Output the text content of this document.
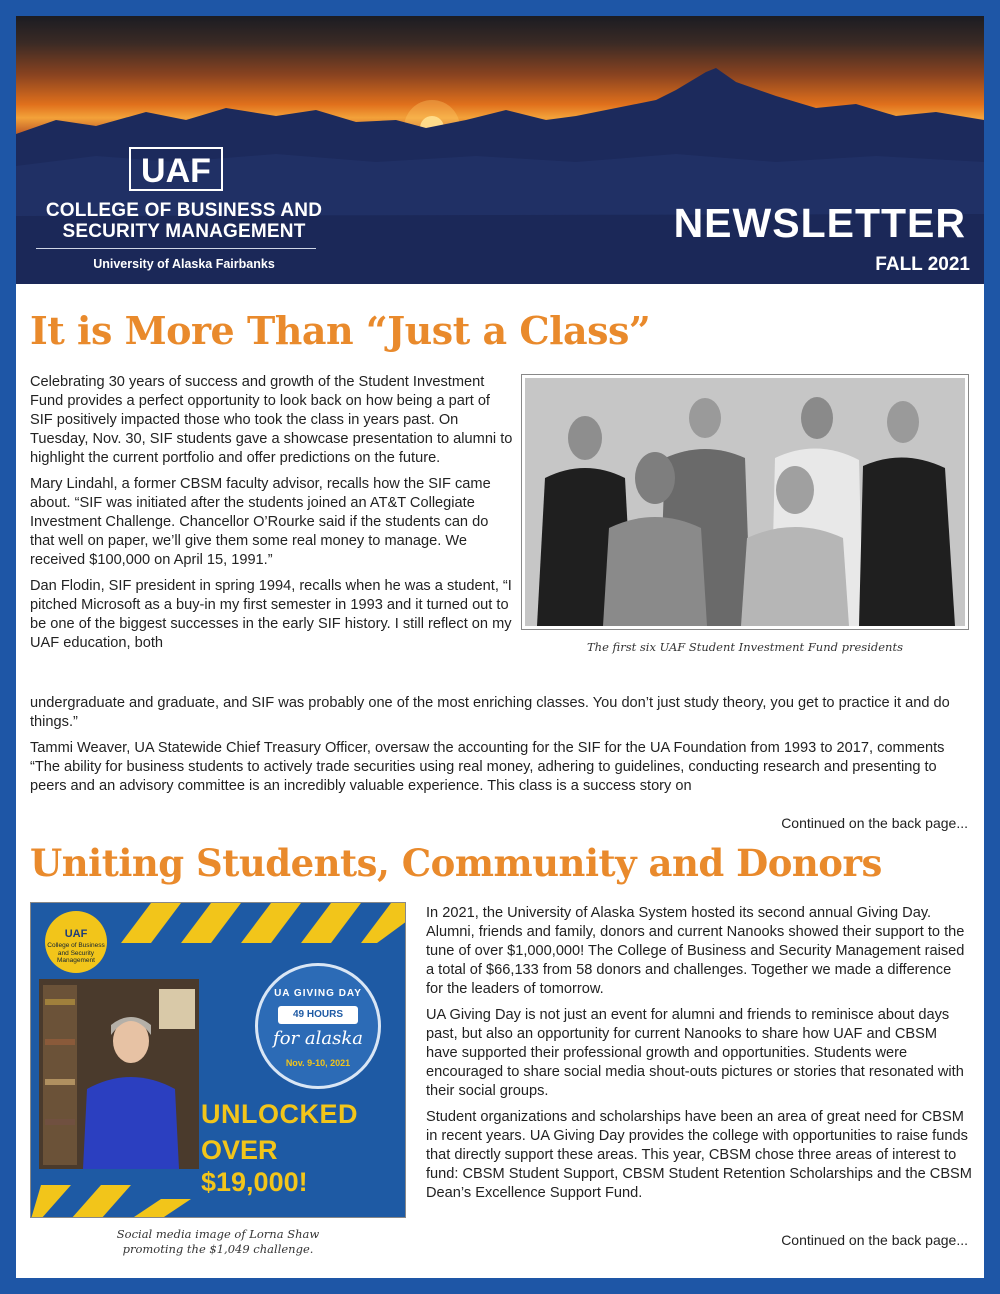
UAF
COLLEGE OF BUSINESS AND
SECURITY MANAGEMENT
University of Alaska Fairbanks
NEWSLETTER
FALL 2021
It is More Than “Just a Class”

Celebrating 30 years of success and growth of the Student Investment Fund provides a perfect opportunity to look back on how being a part of SIF positively impacted those who took the class in years past. On Tuesday, Nov. 30, SIF students gave a showcase presentation to alumni to highlight the current portfolio and offer predictions on the future.

Mary Lindahl, a former CBSM faculty advisor, recalls how the SIF came about. “SIF was initiated after the students joined an AT&T Collegiate Investment Challenge. Chancellor O’Rourke said if the students can do that well on paper, we’ll give them some real money to manage. We received $100,000 on April 15, 1991.”

Dan Flodin, SIF president in spring 1994, recalls when he was a student, “I pitched Microsoft as a buy-in my first semester in 1993 and it turned out to be one of the biggest successes in the early SIF history. I still reflect on my UAF education, both	The first six UAF Student Investment Fund presidents

undergraduate and graduate, and SIF was probably one of the most enriching classes. You don’t just study theory, you get to practice it and do things.”

Tammi Weaver, UA Statewide Chief Treasury Officer, oversaw the accounting for the SIF for the UA Foundation from 1993 to 2017, comments “The ability for business students to actively trade securities using real money, adhering to guidelines, conducting research and presenting to peers and an advisory committee is an incredibly valuable experience. This class is a success story on

Continued on the back page...
Uniting Students, Community and Donors
UAF
College of Business and Security Management
UA GIVING DAY
49 HOURS
for alaska
Nov. 9-10, 2021
UNLOCKED
OVER
$19,000!
Social media image of Lorna Shaw
promoting the $1,049 challenge.

In 2021, the University of Alaska System hosted its second annual Giving Day. Alumni, friends and family, donors and current Nanooks showed their support to the tune of over $1,000,000! The College of Business and Security Management raised a total of $66,133 from 58 donors and challenges. Together we made a difference for the leaders of tomorrow.

UA Giving Day is not just an event for alumni and friends to reminisce about days past, but also an opportunity for current Nanooks to share how UAF and CBSM have supported their professional growth and opportunities. Students were encouraged to share social media shout-outs pictures or stories that resonated with their social groups.

Student organizations and scholarships have been an area of great need for CBSM in recent years. UA Giving Day provides the college with opportunities to raise funds that directly support these areas. This year, CBSM chose three areas of interest to fund: CBSM Student Support, CBSM Student Retention Scholarships and the CBSM Dean’s Excellence Support Fund.

Continued on the back page...
